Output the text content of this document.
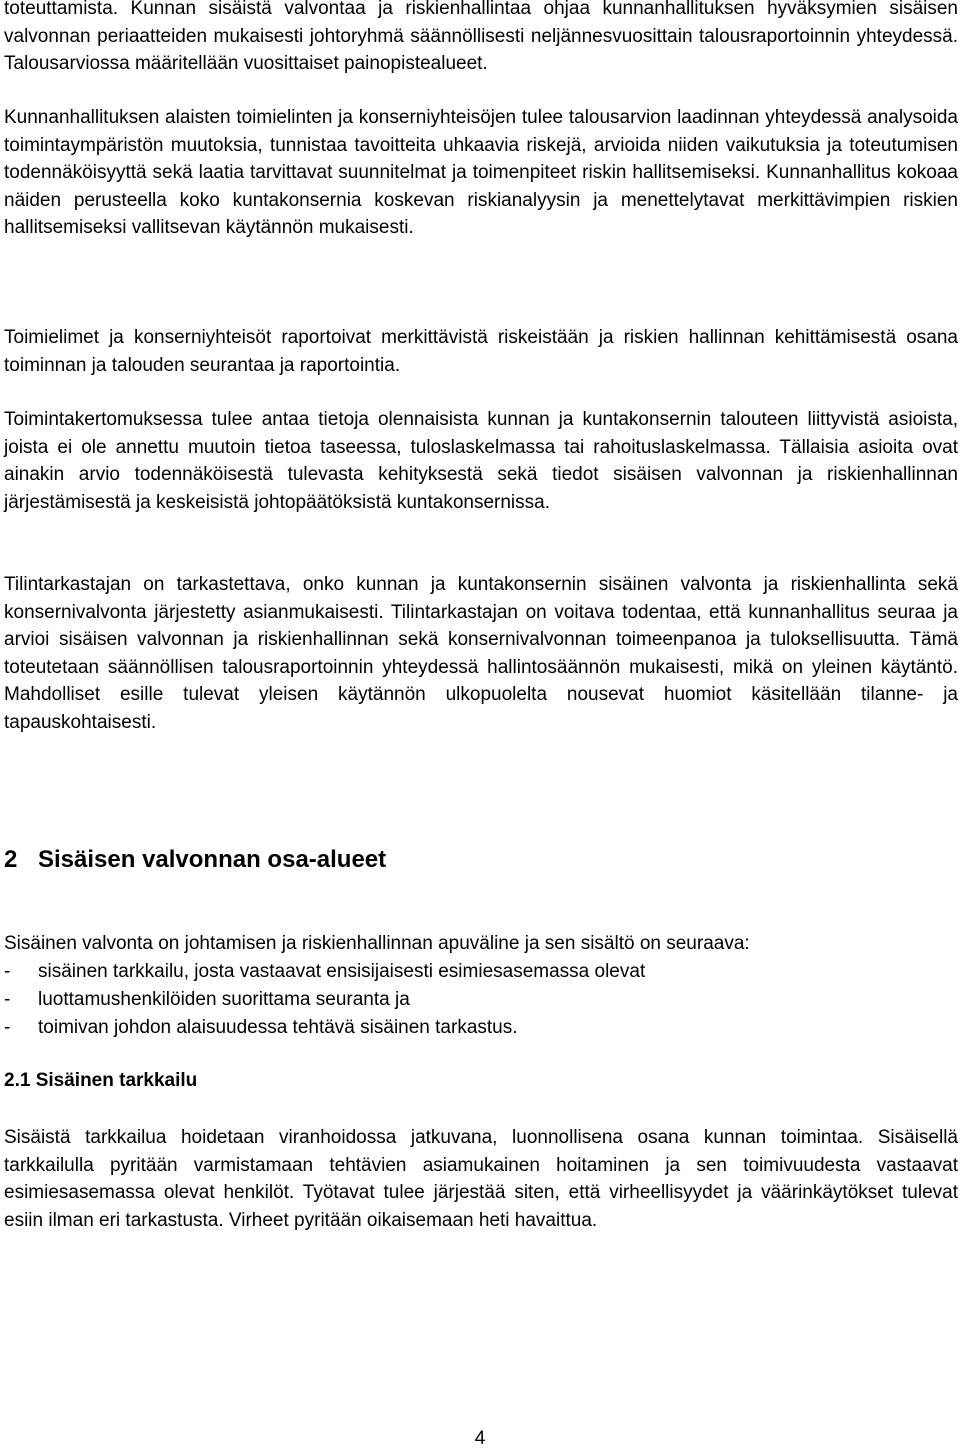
toteuttamista. Kunnan sisäistä valvontaa ja riskienhallintaa ohjaa kunnanhallituksen hyväksymien sisäisen valvonnan periaatteiden mukaisesti johtoryhmä säännöllisesti neljännesvuosittain talousraportoinnin yhteydessä. Talousarviossa määritellään vuosittaiset painopistealueet.

Kunnanhallituksen alaisten toimielinten ja konserniyhteisöjen tulee talousarvion laadinnan yhteydessä analysoida toimintaympäristön muutoksia, tunnistaa tavoitteita uhkaavia riskejä, arvioida niiden vaikutuksia ja toteutumisen todennäköisyyttä sekä laatia tarvittavat suunnitelmat ja toimenpiteet riskin hallitsemiseksi. Kunnanhallitus kokoaa näiden perusteella koko kuntakonsernia koskevan riskianalyysin ja menettelytavat merkittävimpien riskien hallitsemiseksi vallitsevan käytännön mukaisesti.

Toimielimet ja konserniyhteisöt raportoivat merkittävistä riskeistään ja riskien hallinnan kehittämisestä osana toiminnan ja talouden seurantaa ja raportointia.

Toimintakertomuksessa tulee antaa tietoja olennaisista kunnan ja kuntakonsernin talouteen liittyvistä asioista, joista ei ole annettu muutoin tietoa taseessa, tuloslaskelmassa tai rahoituslaskelmassa. Tällaisia asioita ovat ainakin arvio todennäköisestä tulevasta kehityksestä sekä tiedot sisäisen valvonnan ja riskienhallinnan järjestämisestä ja keskeisistä johtopäätöksistä kuntakonsernissa.

Tilintarkastajan on tarkastettava, onko kunnan ja kuntakonsernin sisäinen valvonta ja riskienhallinta sekä konsernivalvonta järjestetty asianmukaisesti. Tilintarkastajan on voitava todentaa, että kunnanhallitus seuraa ja arvioi sisäisen valvonnan ja riskienhallinnan sekä konsernivalvonnan toimeenpanoa ja tuloksellisuutta. Tämä toteutetaan säännöllisen talousraportoinnin yhteydessä hallintosäännön mukaisesti, mikä on yleinen käytäntö. Mahdolliset esille tulevat yleisen käytännön ulkopuolelta nousevat huomiot käsitellään tilanne- ja tapauskohtaisesti.

2 Sisäisen valvonnan osa-alueet

Sisäinen valvonta on johtamisen ja riskienhallinnan apuväline ja sen sisältö on seuraava:

- sisäinen tarkkailu, josta vastaavat ensisijaisesti esimiesasemassa olevat
- luottamushenkilöiden suorittama seuranta ja
- toimivan johdon alaisuudessa tehtävä sisäinen tarkastus.
2.1 Sisäinen tarkkailu

Sisäistä tarkkailua hoidetaan viranhoidossa jatkuvana, luonnollisena osana kunnan toimintaa. Sisäisellä tarkkailulla pyritään varmistamaan tehtävien asiamukainen hoitaminen ja sen toimivuudesta vastaavat esimiesasemassa olevat henkilöt. Työtavat tulee järjestää siten, että virheellisyydet ja väärinkäytökset tulevat esiin ilman eri tarkastusta. Virheet pyritään oikaisemaan heti havaittua.

4
